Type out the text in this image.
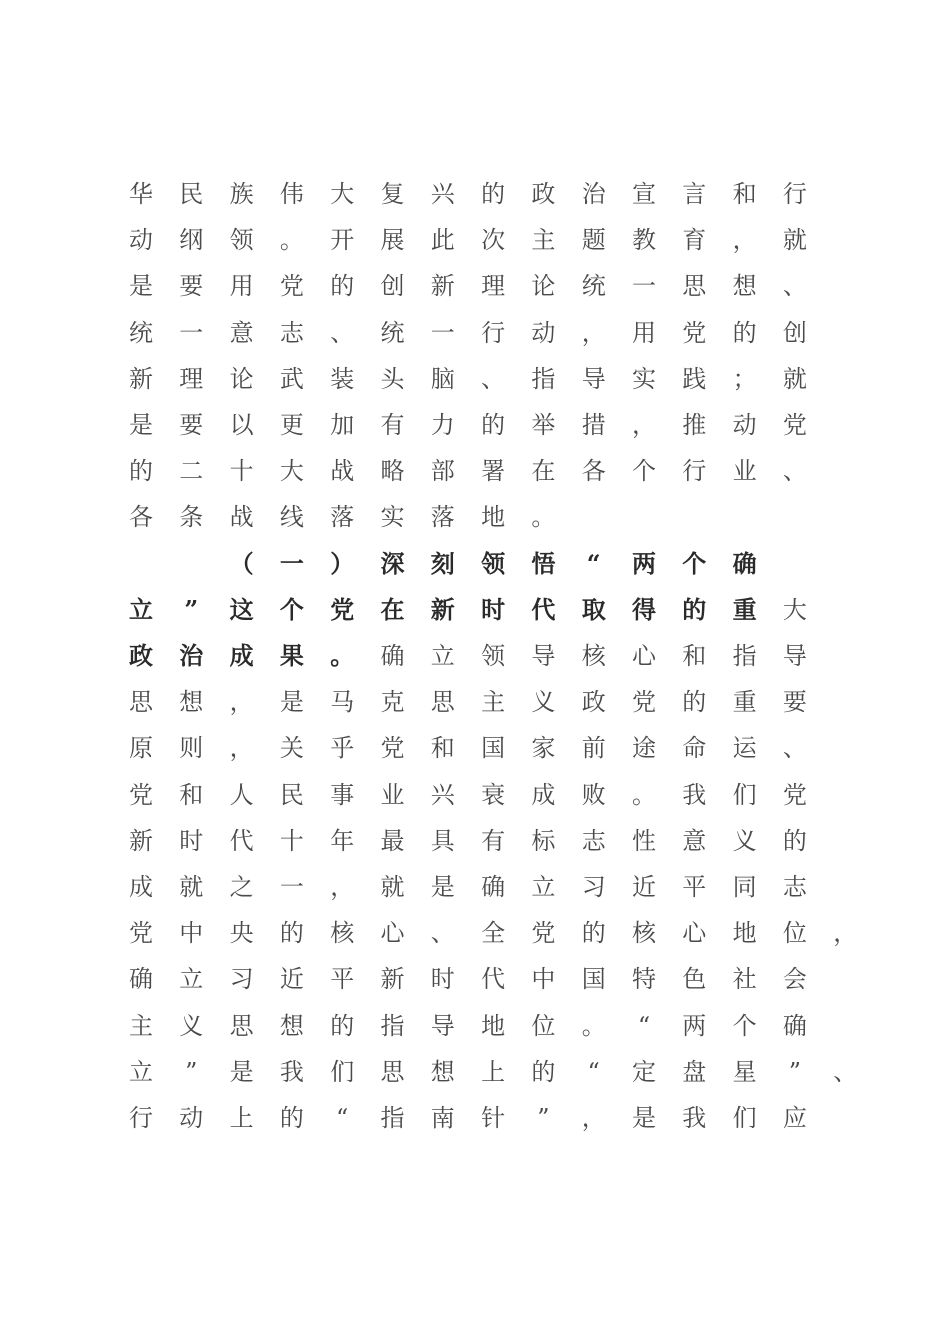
华 民 族 伟 大 复 兴 的 政 治 宣 言 和 行
动 纲 领 。 开 展 此 次 主 题 教 育 ， 就
是 要 用 党 的 创 新 理 论 统 一 思 想 、
统 一 意 志 、 统 一 行 动 ， 用 党 的 创
新 理 论 武 装 头 脑 、 指 导 实 践 ； 就
是 要 以 更 加 有 力 的 举 措 ， 推 动 党
的 二 十 大 战 略 部 署 在 各 个 行 业 、
各 条 战 线 落 实 落 地 。
（ 一 ） 深 刻 领 悟	“	两 个 确
立	”	这 个 党 在 新 时 代 取 得 的 重 大
政 治 成 果 。 确 立 领 导 核 心 和 指 导
思 想 ， 是 马 克 思 主 义 政 党 的 重 要
原 则 ， 关 乎 党 和 国 家 前 途 命 运 、
党 和 人 民 事 业 兴 衰 成 败 。 我 们 党
新 时 代 十 年 最 具 有 标 志 性 意 义 的
成 就 之 一 ， 就 是 确 立 习 近 平 同 志
党 中 央 的 核 心 、 全 党 的 核 心 地 位 ，
确 立 习 近 平 新 时 代 中 国 特 色 社 会
主 义 思 想 的 指 导 地 位 。	“	两 个 确
立	”	是 我 们 思 想 上 的	“	定 盘 星	”	、
行 动 上 的	“	指 南 针	”	， 是 我 们 应
